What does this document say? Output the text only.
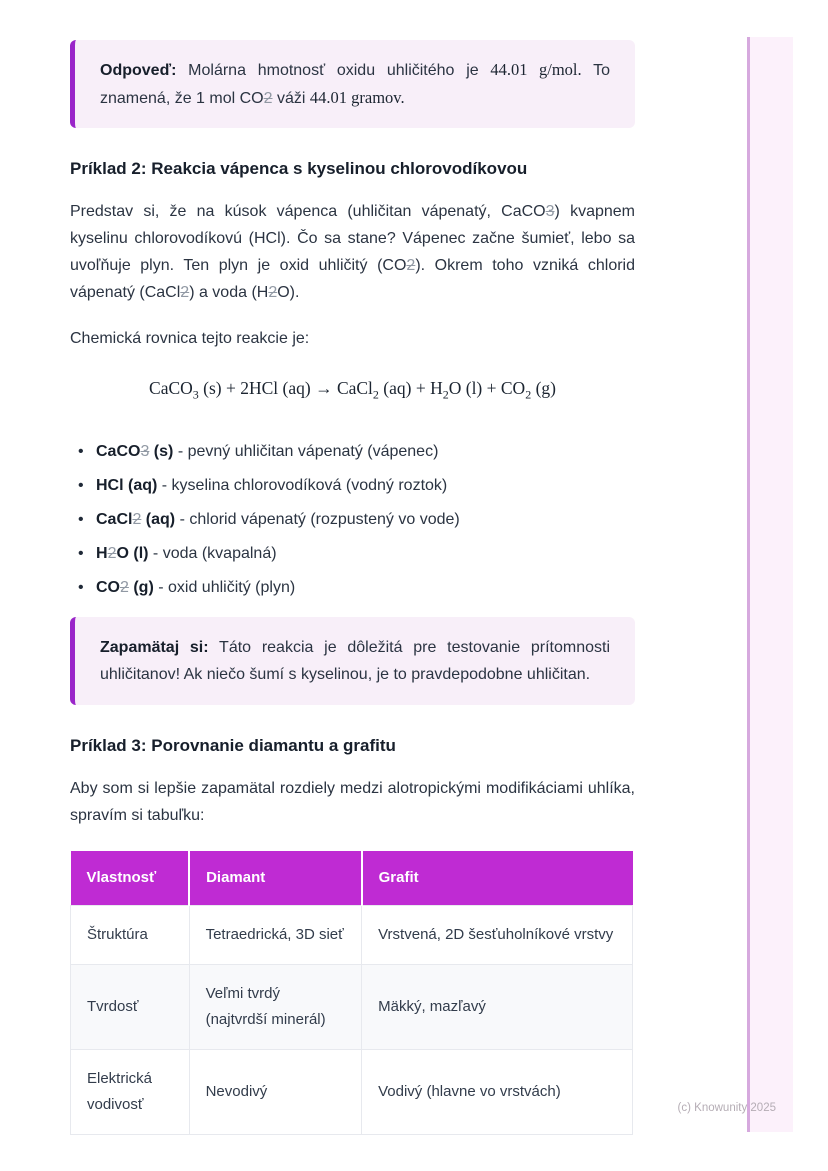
Odpoveď: Molárna hmotnosť oxidu uhličitého je 44.01 g/mol. To znamená, že 1 mol CO2 váži 44.01 gramov.
Príklad 2: Reakcia vápenca s kyselinou chlorovodíkovou

Predstav si, že na kúsok vápenca (uhličitan vápenatý, CaCO3) kvapnem kyselinu chlorovodíkovú (HCl). Čo sa stane? Vápenec začne šumieť, lebo sa uvoľňuje plyn. Ten plyn je oxid uhličitý (CO2). Okrem toho vzniká chlorid vápenatý (CaCl2) a voda (H2O).

Chemická rovnica tejto reakcie je:

CaCO$_3$ (s) + 2HCl (aq) → CaCl$_2$ $(aq) + H_2O$ $(l) + CO_2$ (g)
• CaCO3 (s) - pevný uhličitan vápenatý (vápenec)
• HCl (aq) - kyselina chlorovodíková (vodný roztok)
• CaCl2 (aq) - chlorid vápenatý (rozpustený vo vode)
• H2O (l) - voda (kvapalná)
• CO2 (g) - oxid uhličitý (plyn)
Zapamätaj si: Táto reakcia je dôležitá pre testovanie prítomnosti uhličitanov! Ak niečo šumí s kyselinou, je to pravdepodobne uhličitan.
Príklad 3: Porovnanie diamantu a grafitu

Aby som si lepšie zapamätal rozdiely medzi alotropickými modifikáciami uhlíka, spravím si tabuľku:

Vlastnosť	Diamant	Grafit
Štruktúra	Tetraedrická, 3D sieť	Vrstvená, 2D šesťuholníkové vrstvy
Tvrdosť	Veľmi tvrdý (najtvrdší minerál)	Mäkký, mazľavý
Elektrická vodivosť	Nevodivý	Vodivý (hlavne vo vrstvách)
(c) Knowunity 2025
